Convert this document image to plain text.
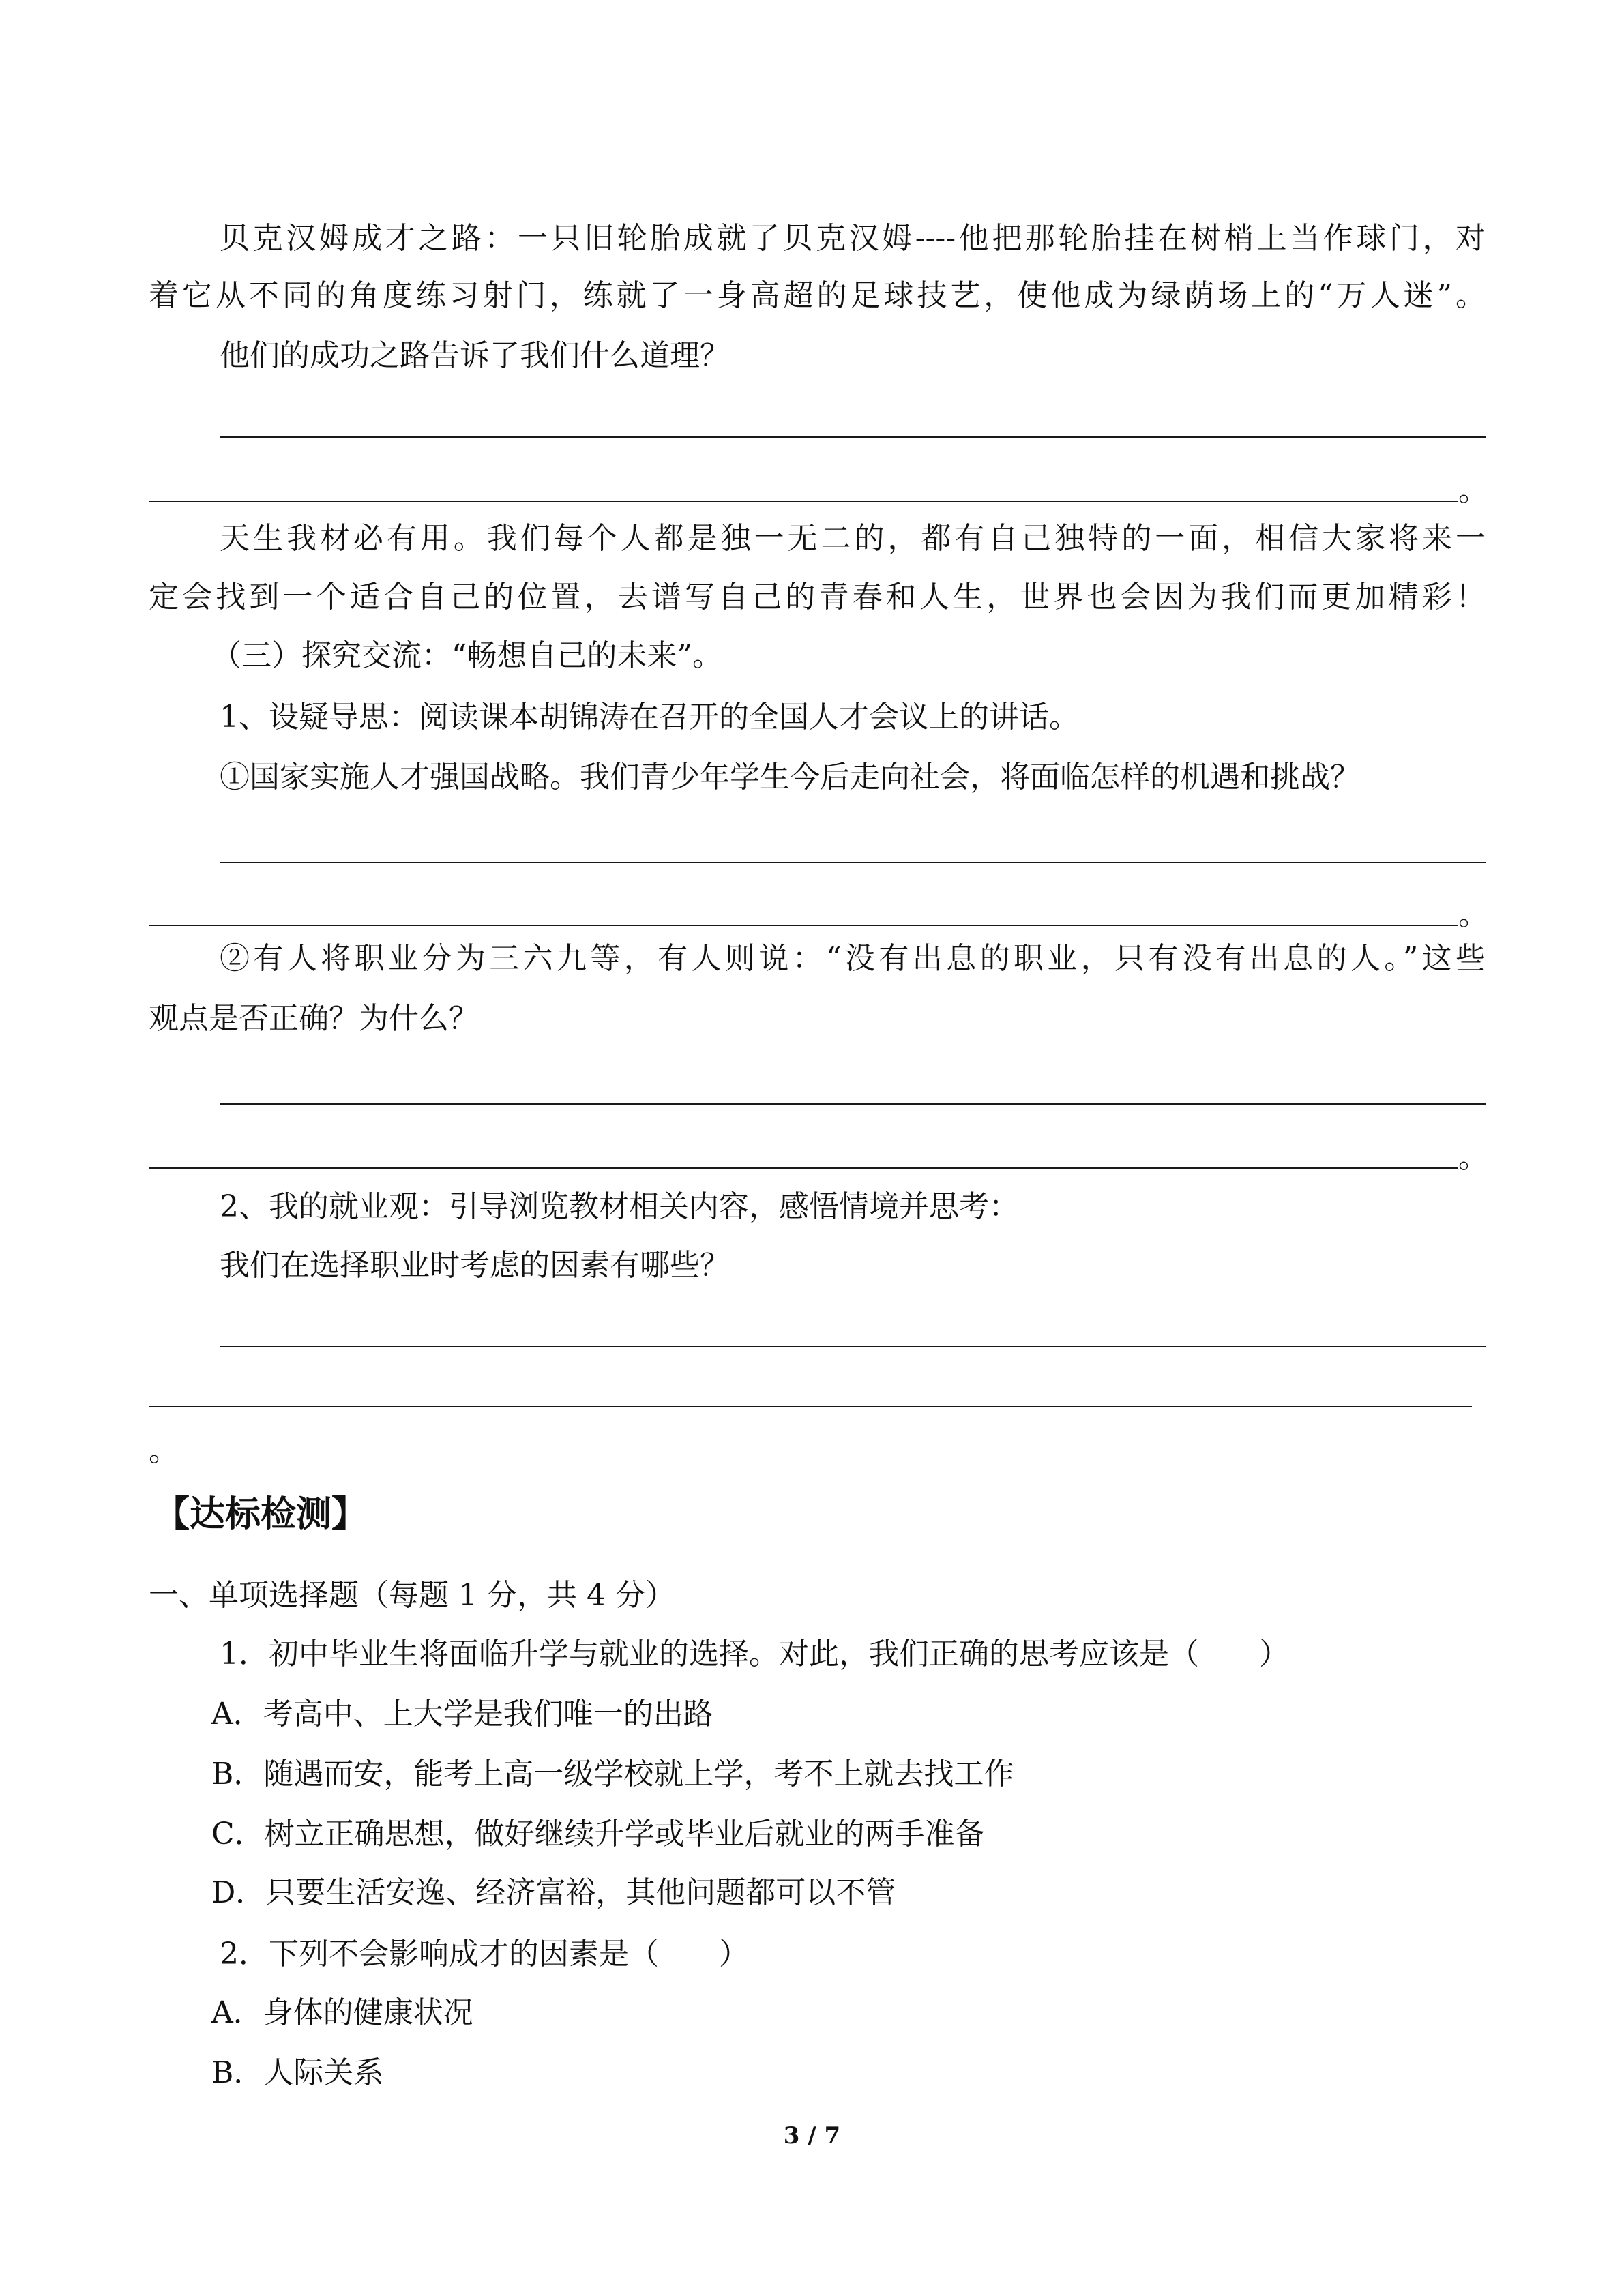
贝克汉姆成才之路：一只旧轮胎成就了贝克汉姆----他把那轮胎挂在树梢上当作球门，对
着它从不同的角度练习射门，练就了一身高超的足球技艺，使他成为绿荫场上的“万人迷”。
他们的成功之路告诉了我们什么道理？
。
天生我材必有用。我们每个人都是独一无二的，都有自己独特的一面，相信大家将来一
定会找到一个适合自己的位置，去谱写自己的青春和人生，世界也会因为我们而更加精彩！
（三）探究交流：“畅想自己的未来”。
1、设疑导思：阅读课本胡锦涛在召开的全国人才会议上的讲话。
①国家实施人才强国战略。我们青少年学生今后走向社会，将面临怎样的机遇和挑战？
。
②有人将职业分为三六九等，有人则说：“没有出息的职业，只有没有出息的人。”这些
观点是否正确？为什么？
。
2、我的就业观：引导浏览教材相关内容，感悟情境并思考：
我们在选择职业时考虑的因素有哪些？
。
【达标检测】
一、单项选择题（每题 1 分，共 4 分）
1．初中毕业生将面临升学与就业的选择。对此，我们正确的思考应该是（　　）
A．考高中、上大学是我们唯一的出路
B．随遇而安，能考上高一级学校就上学，考不上就去找工作
C．树立正确思想，做好继续升学或毕业后就业的两手准备
D．只要生活安逸、经济富裕，其他问题都可以不管
2．下列不会影响成才的因素是（　　）
A．身体的健康状况
B．人际关系
3 / 7
